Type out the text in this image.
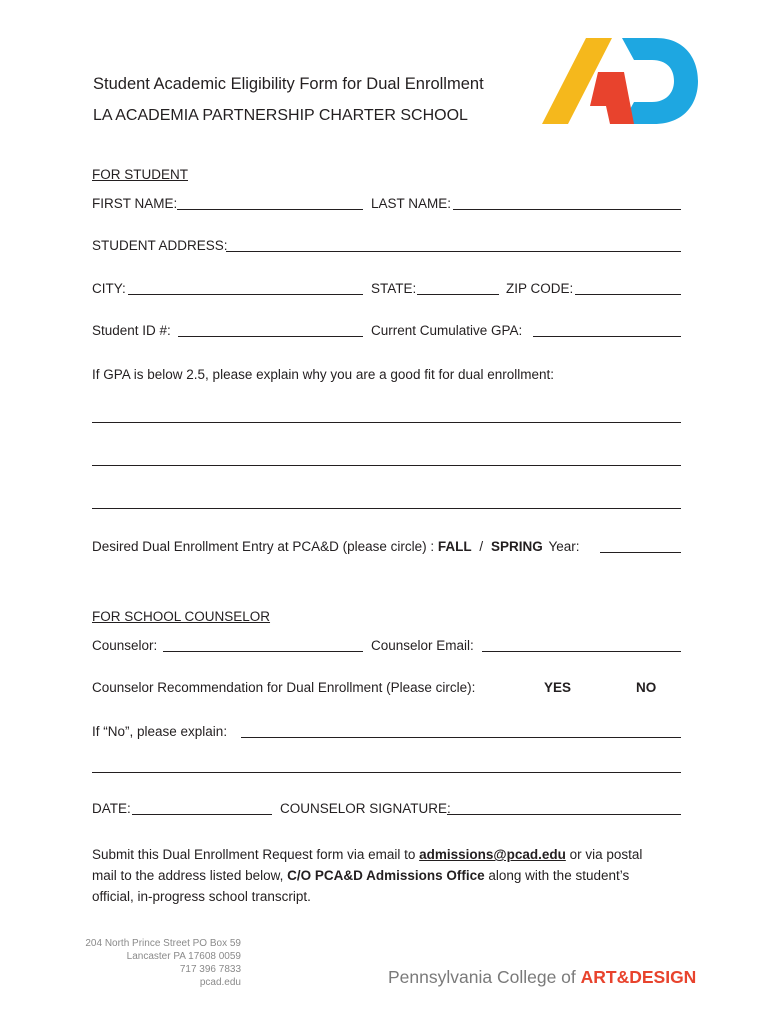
Student Academic Eligibility Form for Dual Enrollment
LA ACADEMIA PARTNERSHIP CHARTER SCHOOL
FOR STUDENT
FIRST NAME:	LAST NAME:
STUDENT ADDRESS:
CITY:	STATE:	ZIP CODE:
Student ID #:	Current Cumulative GPA:
If GPA is below 2.5, please explain why you are a good fit for dual enrollment:
Desired Dual Enrollment Entry at PCA&D (please circle) : FALL / SPRING Year:
FOR SCHOOL COUNSELOR
Counselor:	Counselor Email:
Counselor Recommendation for Dual Enrollment (Please circle):	YES	NO
If “No”, please explain:
DATE:	COUNSELOR SIGNATURE:
Submit this Dual Enrollment Request form via email to admissions@pcad.edu or via postal
mail to the address listed below, C/O PCA&D Admissions Office along with the student’s
official, in-progress school transcript.
204 North Prince Street PO Box 59
Lancaster PA 17608 0059
717 396 7833
pcad.edu	Pennsylvania College of ART&DESIGN
